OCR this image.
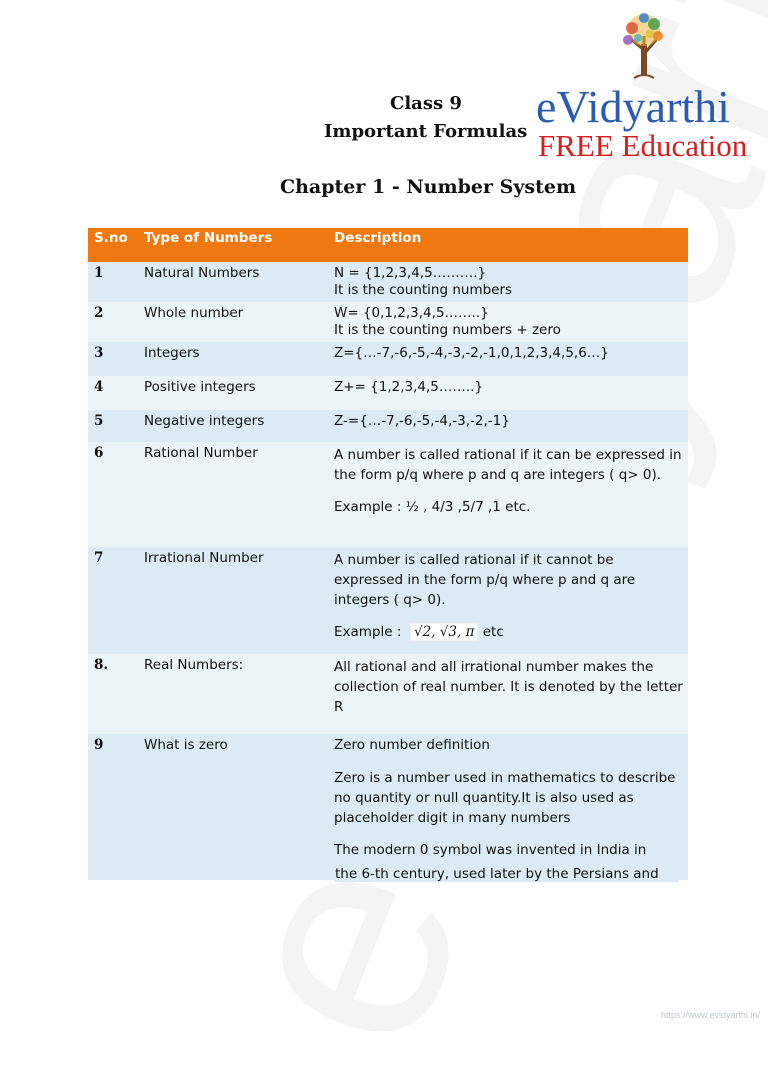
Class 9
Important Formulas
Chapter 1 - Number System
eVidyarthi
FREE Education
S.no	Type of Numbers	Description
1	Natural Numbers	N = {1,2,3,4,5……….}

It is the counting numbers

2	Whole number	W= {0,1,2,3,4,5……..}

It is the counting numbers + zero

3	Integers	Z={…-7,-6,-5,-4,-3,-2,-1,0,1,2,3,4,5,6…}

4	Positive integers	Z+= {1,2,3,4,5……..}

5	Negative integers	Z-={…-7,-6,-5,-4,-3,-2,-1}

6	Rational Number	A number is called rational if it can be expressed in the form p/q where p and q are integers ( q> 0).

Example : ½ , 4/3 ,5/7 ,1 etc.

7	Irrational Number	A number is called rational if it cannot be expressed in the form p/q where p and q are integers ( q> 0).

Example : √2, √3, π etc

8.	Real Numbers:	All rational and all irrational number makes the collection of real number. It is denoted by the letter R

9	What is zero	Zero number definition

Zero is a number used in mathematics to describe no quantity or null quantity.It is also used as placeholder digit in many numbers

The modern 0 symbol was invented in India in

the 6-th century, used later by the Persians and
https://www.evidyarthi.in/
